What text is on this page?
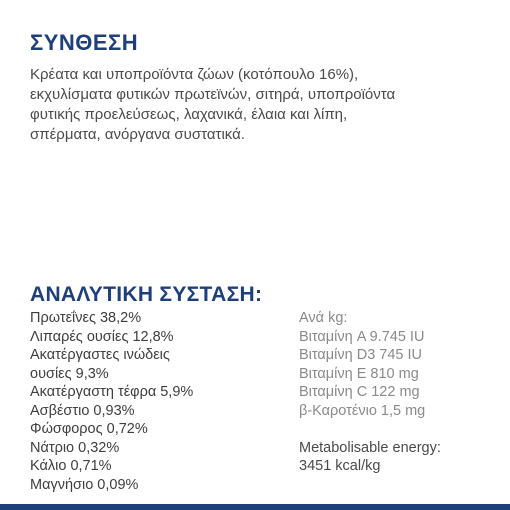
ΣΥΝΘΕΣΗ
Κρέατα και υποπροϊόντα ζώων (κοτόπουλο 16%),
εκχυλίσματα φυτικών πρωτεϊνών, σιτηρά, υποπροϊόντα
φυτικής προελεύσεως, λαχανικά, έλαια και λίπη,
σπέρματα, ανόργανα συστατικά.
ΑΝΑΛΥΤΙΚΗ ΣΥΣΤΑΣΗ:
Πρωτεΐνες 38,2%
Λιπαρές ουσίες 12,8%
Ακατέργαστες ινώδεις
ουσίες 9,3%
Ακατέργαστη τέφρα 5,9%
Ασβέστιο 0,93%
Φώσφορος 0,72%
Νάτριο 0,32%
Κάλιο 0,71%
Μαγνήσιο 0,09%
Ανά kg:
Βιταμίνη A 9.745 IU
Βιταμίνη D3 745 IU
Βιταμίνη E 810 mg
Βιταμίνη C 122 mg
β-Καροτένιο 1,5 mg
Metabolisable energy:
3451 kcal/kg
